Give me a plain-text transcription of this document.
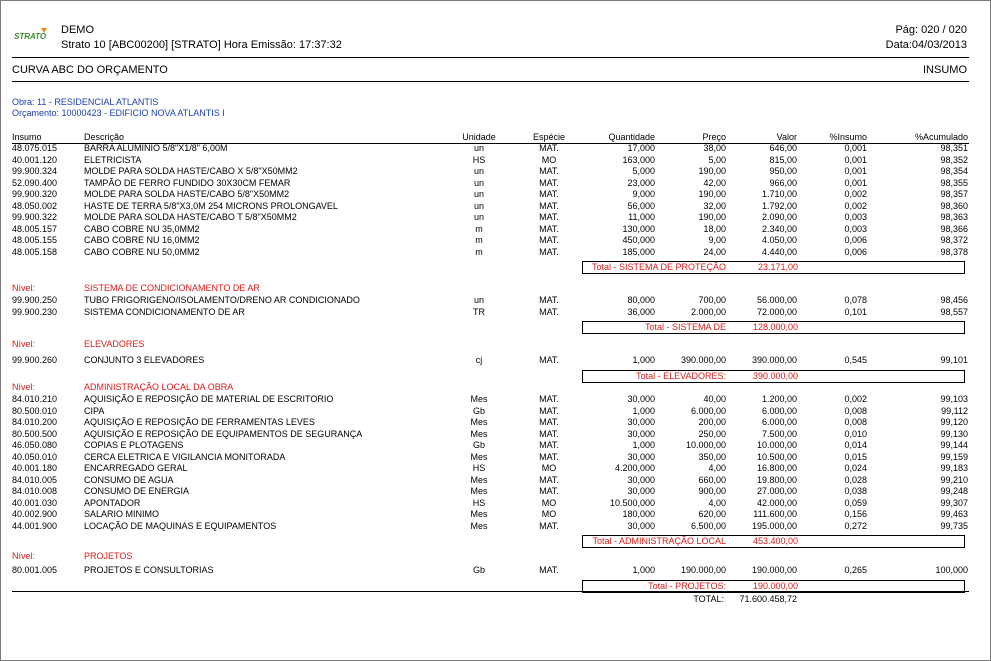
STRATO
DEMO
Strato 10 [ABC00200] [STRATO] Hora Emissão: 17:37:32
Pág: 020 / 020
Data:04/03/2013
CURVA ABC DO ORÇAMENTO	INSUMO
Obra: 11 - RESIDENCIAL ATLANTIS
Orçamento: 10000423 - EDIFICIO NOVA ATLANTIS I
Insumo	Descrição	Unidade	Espécie	Quantidade	Preço	Valor	%Insumo	%Acumulado
48.075.015	BARRA ALUMINIO 5/8"X1/8" 6,00M	un	MAT.	17,000	38,00	646,00	0,001	98,351
40.001.120	ELETRICISTA	HS	MO	163,000	5,00	815,00	0,001	98,352
99.900.324	MOLDE PARA SOLDA HASTE/CABO X 5/8"X50MM2	un	MAT.	5,000	190,00	950,00	0,001	98,354
52.090.400	TAMPÃO DE FERRO FUNDIDO 30X30CM FEMAR	un	MAT.	23,000	42,00	966,00	0,001	98,355
99.900.320	MOLDE PARA SOLDA HASTE/CABO 5/8"X50MM2	un	MAT.	9,000	190,00	1.710,00	0,002	98,357
48.050.002	HASTE DE TERRA 5/8"X3,0M 254 MICRONS PROLONGAVEL	un	MAT.	56,000	32,00	1.792,00	0,002	98,360
99.900.322	MOLDE PARA SOLDA HASTE/CABO T 5/8"X50MM2	un	MAT.	11,000	190,00	2.090,00	0,003	98,363
48.005.157	CABO COBRE NU 35,0MM2	m	MAT.	130,000	18,00	2.340,00	0,003	98,366
48.005.155	CABO COBRE NU 16,0MM2	m	MAT.	450,000	9,00	4.050,00	0,006	98,372
48.005.158	CABO COBRE NU 50,0MM2	m	MAT.	185,000	24,00	4.440,00	0,006	98,378
Total - SISTEMA DE PROTEÇÃO	23.171,00
Nível:	SISTEMA DE CONDICIONAMENTO DE AR
99.900.250	TUBO FRIGORIGENO/ISOLAMENTO/DRENO AR CONDICIONADO	un	MAT.	80,000	700,00	56.000,00	0,078	98,456
99.900.230	SISTEMA CONDICIONAMENTO DE AR	TR	MAT.	36,000	2.000,00	72.000,00	0,101	98,557
Total - SISTEMA DE	128.000,00
Nível:	ELEVADORES
99.900.260	CONJUNTO 3 ELEVADORES	cj	MAT.	1,000	390.000,00	390.000,00	0,545	99,101
Total - ELEVADORES:	390.000,00
Nível:	ADMINISTRAÇÃO LOCAL DA OBRA
84.010.210	AQUISIÇÃO E REPOSIÇÃO DE MATERIAL DE ESCRITORIO	Mes	MAT.	30,000	40,00	1.200,00	0,002	99,103
80.500.010	CIPA	Gb	MAT.	1,000	6.000,00	6.000,00	0,008	99,112
84.010.200	AQUISIÇÃO E REPOSIÇÃO DE FERRAMENTAS LEVES	Mes	MAT.	30,000	200,00	6.000,00	0,008	99,120
80.500.500	AQUISIÇÃO E REPOSIÇÃO DE EQUIPAMENTOS DE SEGURANÇA	Mes	MAT.	30,000	250,00	7.500,00	0,010	99,130
46.050.080	COPIAS E PLOTAGENS	Gb	MAT.	1,000	10.000,00	10.000,00	0,014	99,144
40.050.010	CERCA ELETRICA E VIGILANCIA MONITORADA	Mes	MAT.	30,000	350,00	10.500,00	0,015	99,159
40.001.180	ENCARREGADO GERAL	HS	MO	4.200,000	4,00	16.800,00	0,024	99,183
84.010.005	CONSUMO DE AGUA	Mes	MAT.	30,000	660,00	19.800,00	0,028	99,210
84.010.008	CONSUMO DE ENERGIA	Mes	MAT.	30,000	900,00	27.000,00	0,038	99,248
40.001.030	APONTADOR	HS	MO	10.500,000	4,00	42.000,00	0,059	99,307
40.002.900	SALARIO MINIMO	Mes	MO	180,000	620,00	111.600,00	0,156	99,463
44.001.900	LOCAÇÃO DE MAQUINAS E EQUIPAMENTOS	Mes	MAT.	30,000	6.500,00	195.000,00	0,272	99,735
Total - ADMINISTRAÇÃO LOCAL	453.400,00
Nível:	PROJETOS
80.001.005	PROJETOS E CONSULTORIAS	Gb	MAT.	1,000	190.000,00	190.000,00	0,265	100,000
Total - PROJETOS:	190.000,00
TOTAL: 71.600.458,72
